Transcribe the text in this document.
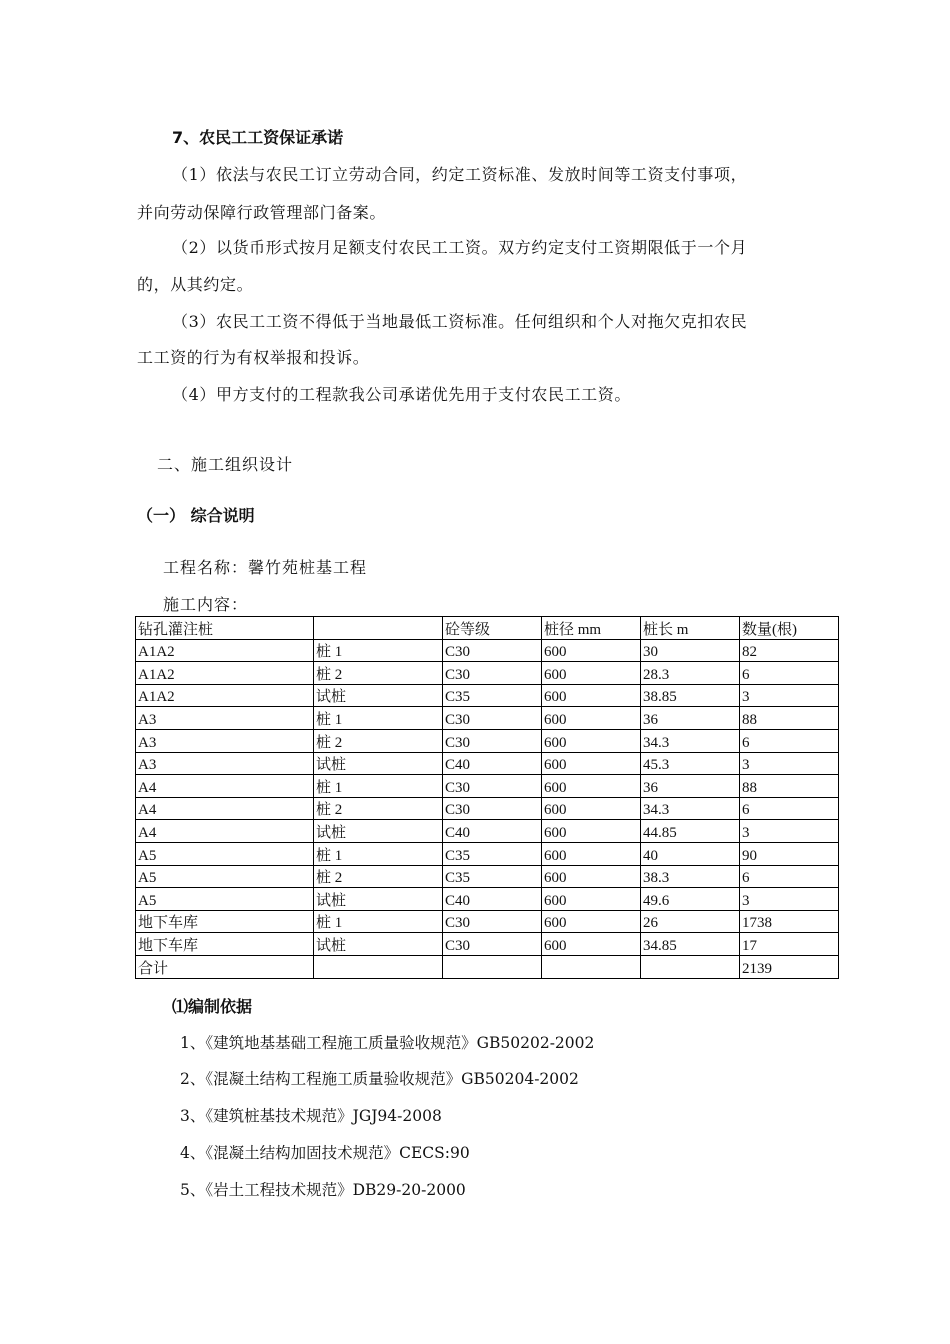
7、农民工工资保证承诺
（1）依法与农民工订立劳动合同，约定工资标准、发放时间等工资支付事项，
并向劳动保障行政管理部门备案。
（2）以货币形式按月足额支付农民工工资。双方约定支付工资期限低于一个月
的，从其约定。
（3）农民工工资不得低于当地最低工资标准。任何组织和个人对拖欠克扣农民
工工资的行为有权举报和投诉。
（4）甲方支付的工程款我公司承诺优先用于支付农民工工资。
二、施工组织设计
（一） 综合说明
工程名称：馨竹苑桩基工程
施工内容：
钻孔灌注桩		砼等级	桩径 mm	桩长 m	数量(根)
A1A2	桩 1	C30	600	30	82
A1A2	桩 2	C30	600	28.3	6
A1A2	试桩	C35	600	38.85	3
A3	桩 1	C30	600	36	88
A3	桩 2	C30	600	34.3	6
A3	试桩	C40	600	45.3	3
A4	桩 1	C30	600	36	88
A4	桩 2	C30	600	34.3	6
A4	试桩	C40	600	44.85	3
A5	桩 1	C35	600	40	90
A5	桩 2	C35	600	38.3	6
A5	试桩	C40	600	49.6	3
地下车库	桩 1	C30	600	26	1738
地下车库	试桩	C30	600	34.85	17
合计					2139
⑴编制依据
1、《建筑地基基础工程施工质量验收规范》GB50202-2002
2、《混凝土结构工程施工质量验收规范》GB50204-2002
3、《建筑桩基技术规范》JGJ94-2008
4、《混凝土结构加固技术规范》CECS:90
5、《岩土工程技术规范》DB29-20-2000
